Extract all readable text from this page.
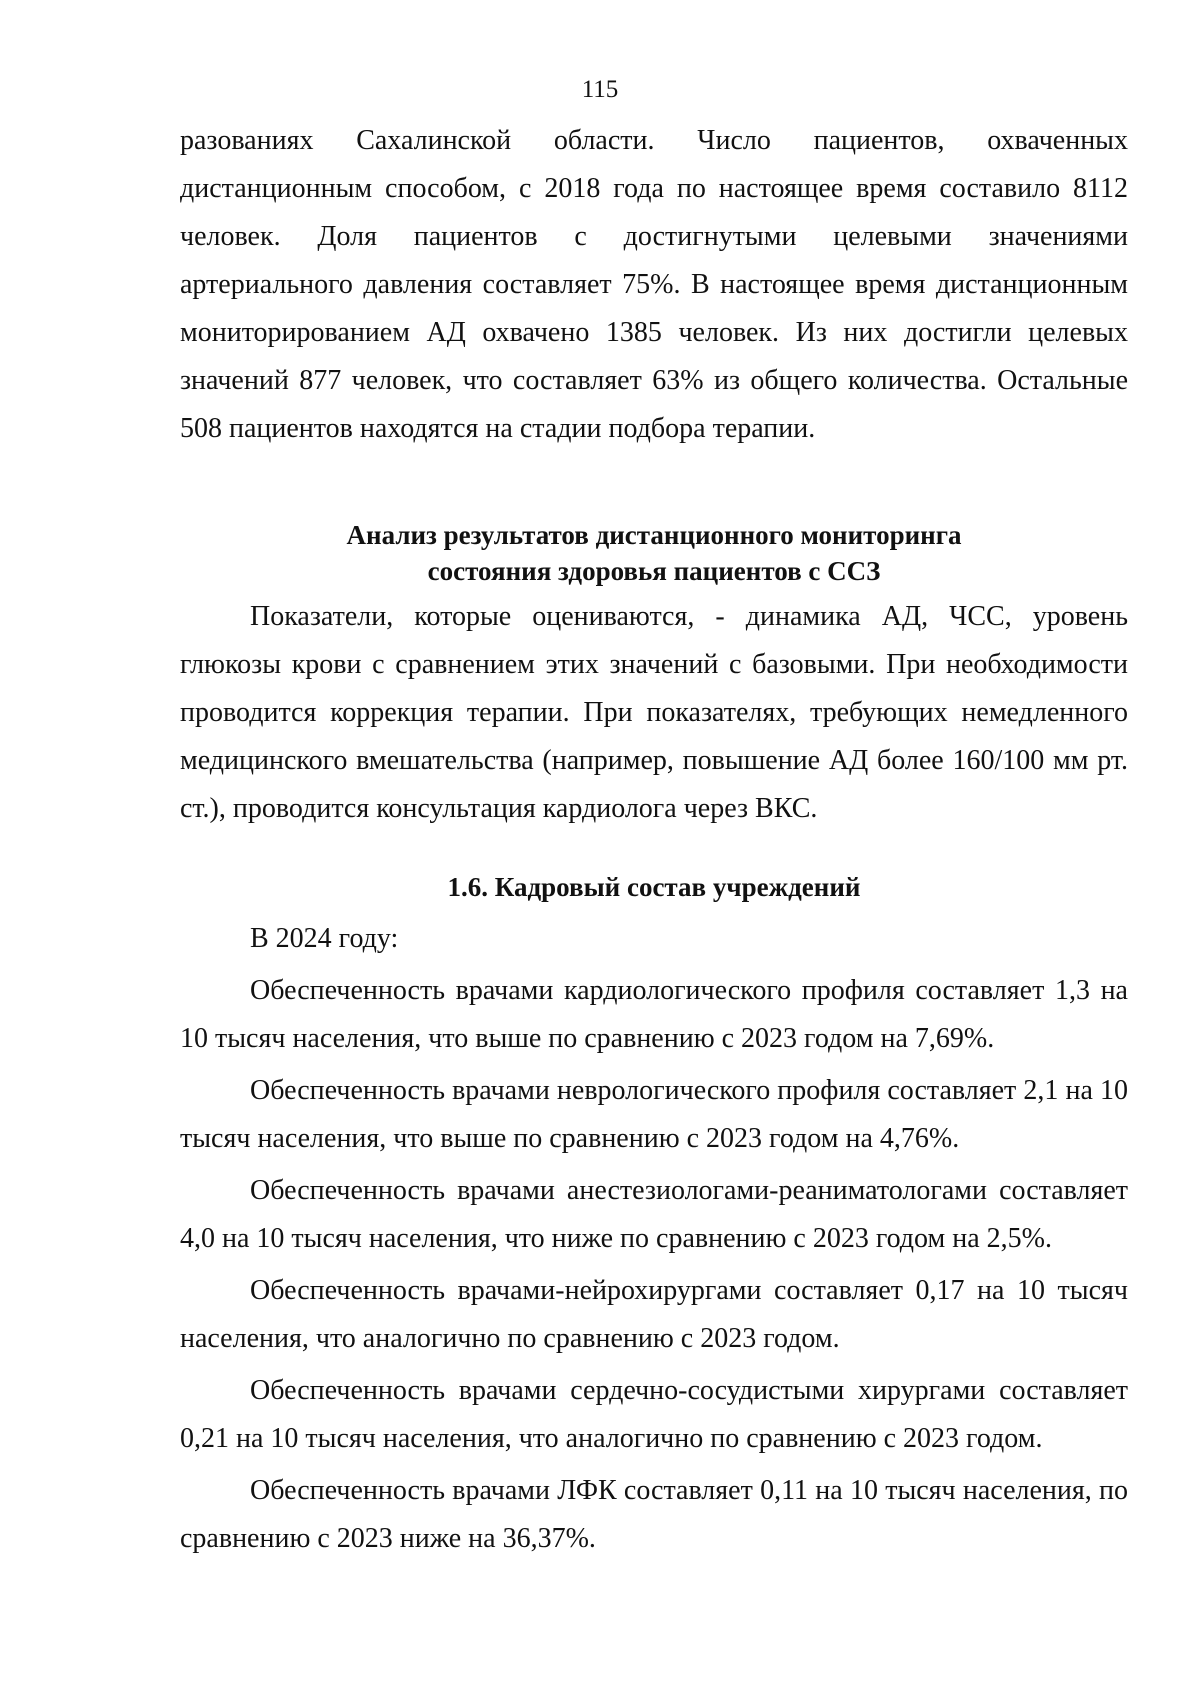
115

разованиях Сахалинской области. Число пациентов, охваченных дистанционным способом, с 2018 года по настоящее время составило 8112 человек. Доля пациентов с достигнутыми целевыми значениями артериального давления составляет 75%. В настоящее время дистанционным мониторированием АД охвачено 1385 человек. Из них достигли целевых значений 877 человек, что составляет 63% из общего количества. Остальные 508 пациентов находятся на стадии подбора терапии.

Анализ результатов дистанционного мониторинга
состояния здоровья пациентов с ССЗ

Показатели, которые оцениваются, - динамика АД, ЧСС, уровень глюкозы крови с сравнением этих значений с базовыми. При необходимости проводится коррекция терапии. При показателях, требующих немедленного медицинского вмешательства (например, повышение АД более 160/100 мм рт. ст.), проводится консультация кардиолога через ВКС.

1.6. Кадровый состав учреждений

В 2024 году:

Обеспеченность врачами кардиологического профиля составляет 1,3 на 10 тысяч населения, что выше по сравнению с 2023 годом на 7,69%.

Обеспеченность врачами неврологического профиля составляет 2,1 на 10 тысяч населения, что выше по сравнению с 2023 годом на 4,76%.

Обеспеченность врачами анестезиологами-реаниматологами составляет 4,0 на 10 тысяч населения, что ниже по сравнению с 2023 годом на 2,5%.

Обеспеченность врачами-нейрохирургами составляет 0,17 на 10 тысяч населения, что аналогично по сравнению с 2023 годом.

Обеспеченность врачами сердечно-сосудистыми хирургами составляет 0,21 на 10 тысяч населения, что аналогично по сравнению с 2023 годом.

Обеспеченность врачами ЛФК составляет 0,11 на 10 тысяч населения, по сравнению с 2023 ниже на 36,37%.
